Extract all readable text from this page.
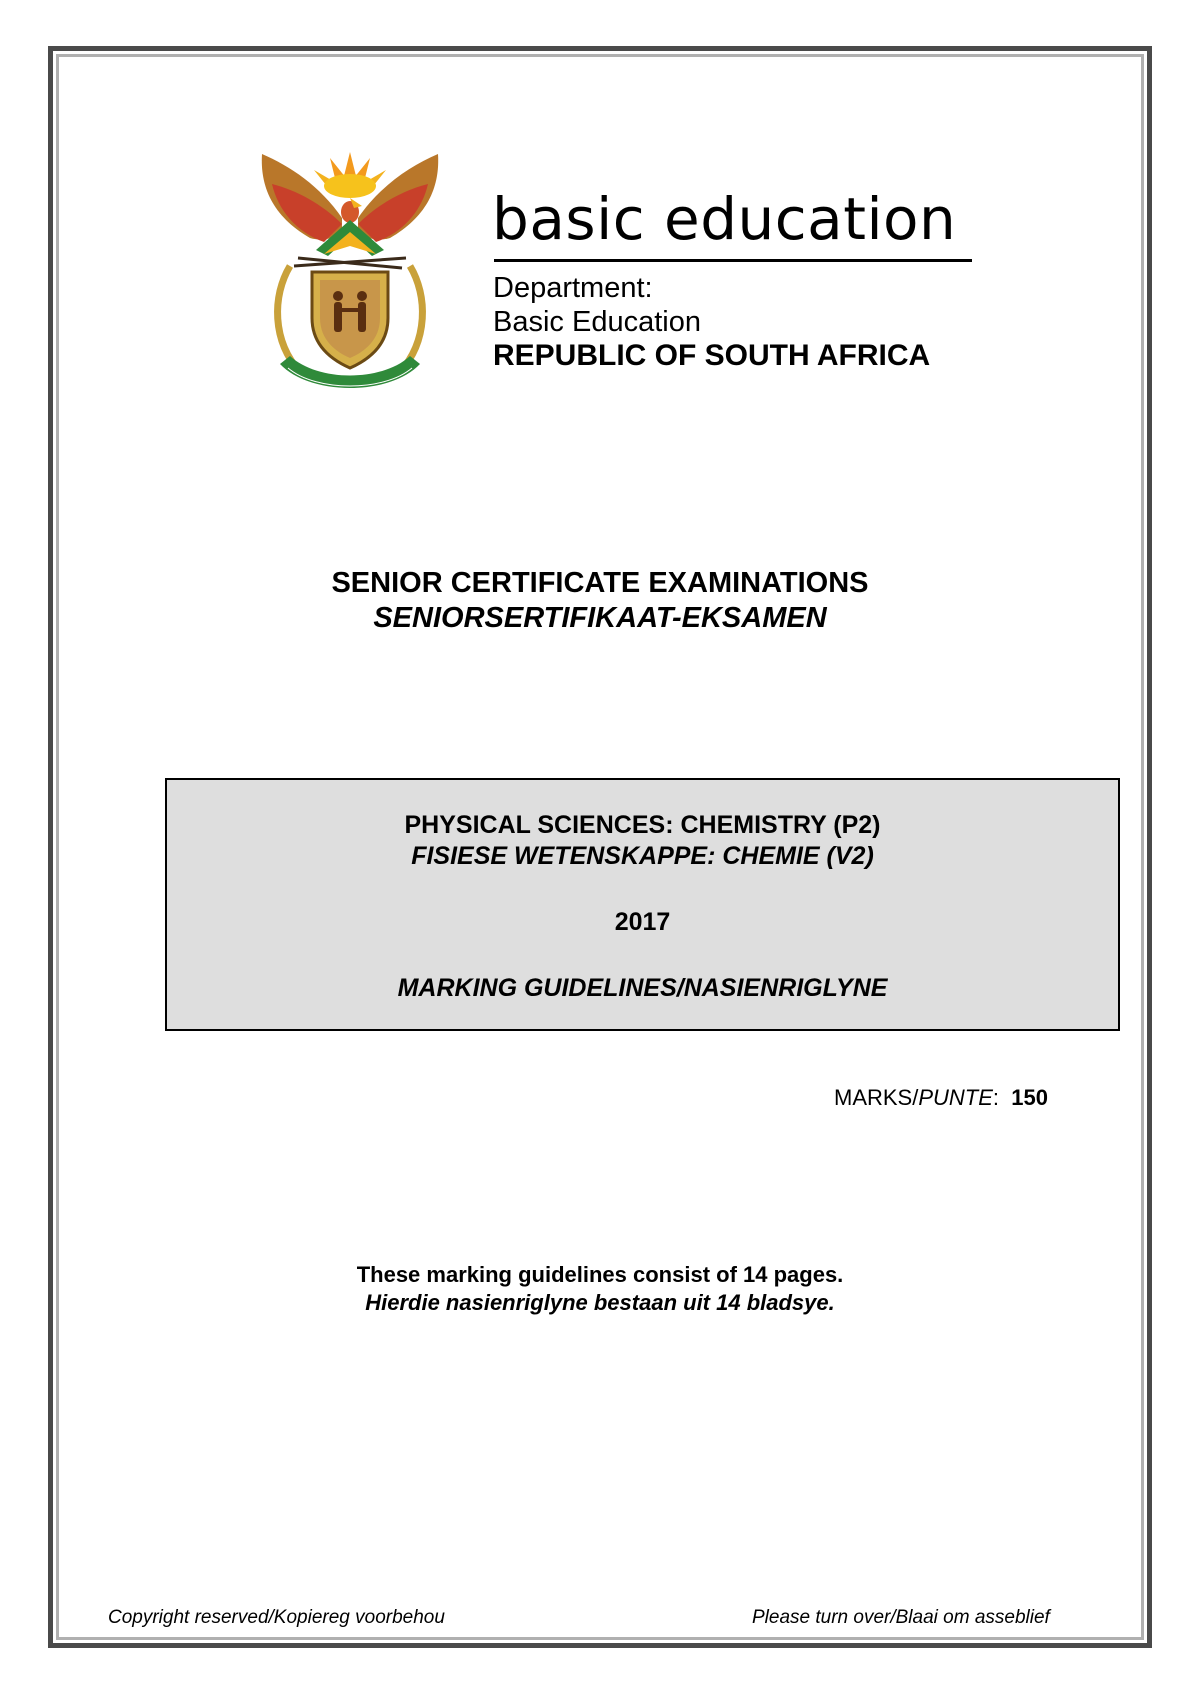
basic education
Department:
Basic Education
REPUBLIC OF SOUTH AFRICA
SENIOR CERTIFICATE EXAMINATIONS
SENIORSERTIFIKAAT-EKSAMEN
PHYSICAL SCIENCES: CHEMISTRY (P2)
FISIESE WETENSKAPPE: CHEMIE (V2)
2017
MARKING GUIDELINES/NASIENRIGLYNE
MARKS/PUNTE:  150
These marking guidelines consist of 14 pages.
Hierdie nasienriglyne bestaan uit 14 bladsye.
Copyright reserved/Kopiereg voorbehou	Please turn over/Blaai om asseblief
